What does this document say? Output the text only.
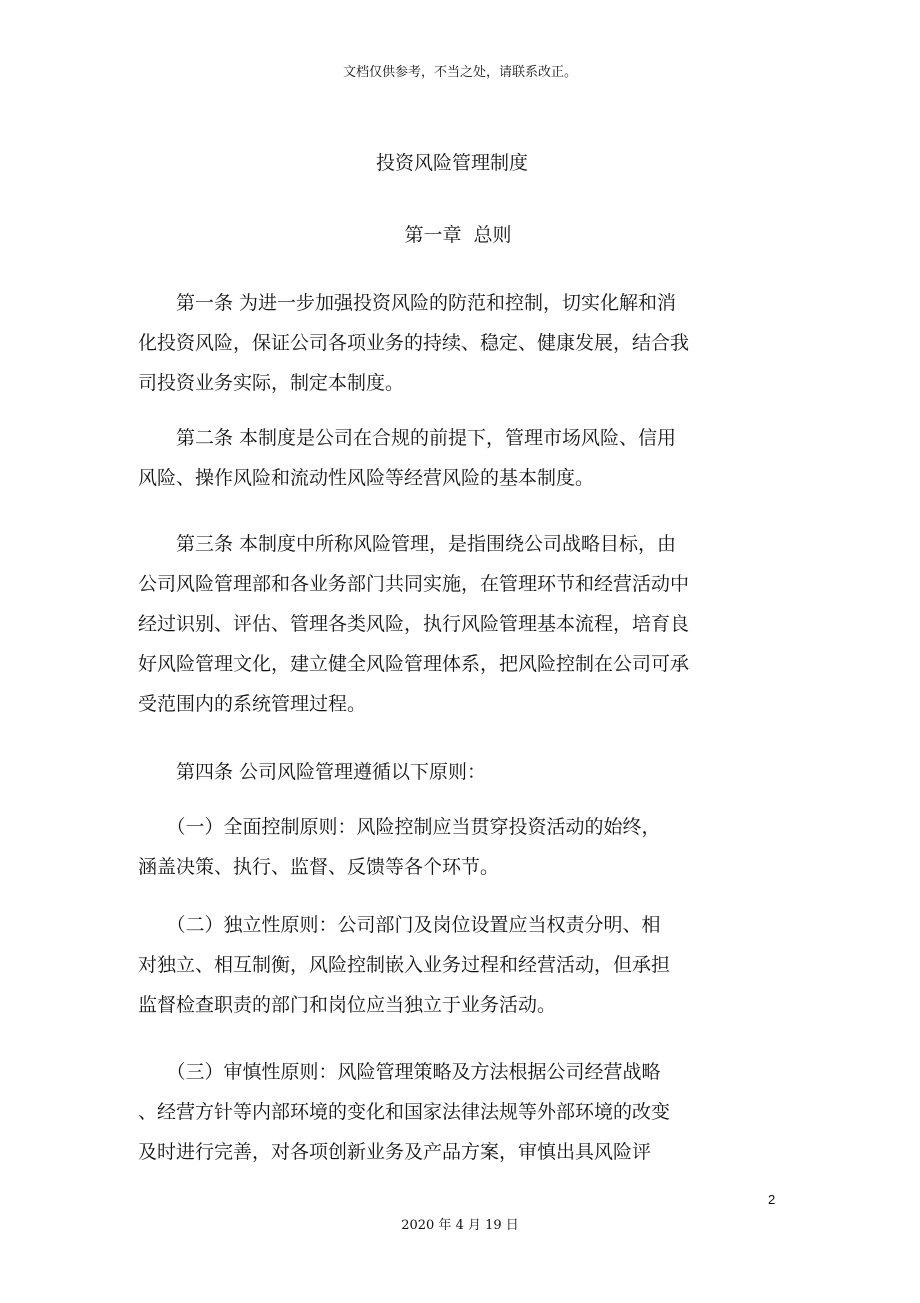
文档仅供参考，不当之处，请联系改正。
投资风险管理制度
第一章 总则

　　第一条 为进一步加强投资风险的防范和控制，切实化解和消
化投资风险，保证公司各项业务的持续、稳定、健康发展，结合我
司投资业务实际，制定本制度。

　　第二条 本制度是公司在合规的前提下，管理市场风险、信用
风险、操作风险和流动性风险等经营风险的基本制度。

　　第三条 本制度中所称风险管理，是指围绕公司战略目标，由
公司风险管理部和各业务部门共同实施，在管理环节和经营活动中
经过识别、评估、管理各类风险，执行风险管理基本流程，培育良
好风险管理文化，建立健全风险管理体系，把风险控制在公司可承
受范围内的系统管理过程。

　　第四条 公司风险管理遵循以下原则：

　　（一）全面控制原则：风险控制应当贯穿投资活动的始终，
涵盖决策、执行、监督、反馈等各个环节。

　　（二）独立性原则：公司部门及岗位设置应当权责分明、相
对独立、相互制衡，风险控制嵌入业务过程和经营活动，但承担
监督检查职责的部门和岗位应当独立于业务活动。

　　（三）审慎性原则：风险管理策略及方法根据公司经营战略
、经营方针等内部环境的变化和国家法律法规等外部环境的改变
及时进行完善，对各项创新业务及产品方案，审慎出具风险评

2
2020 年 4 月 19 日
